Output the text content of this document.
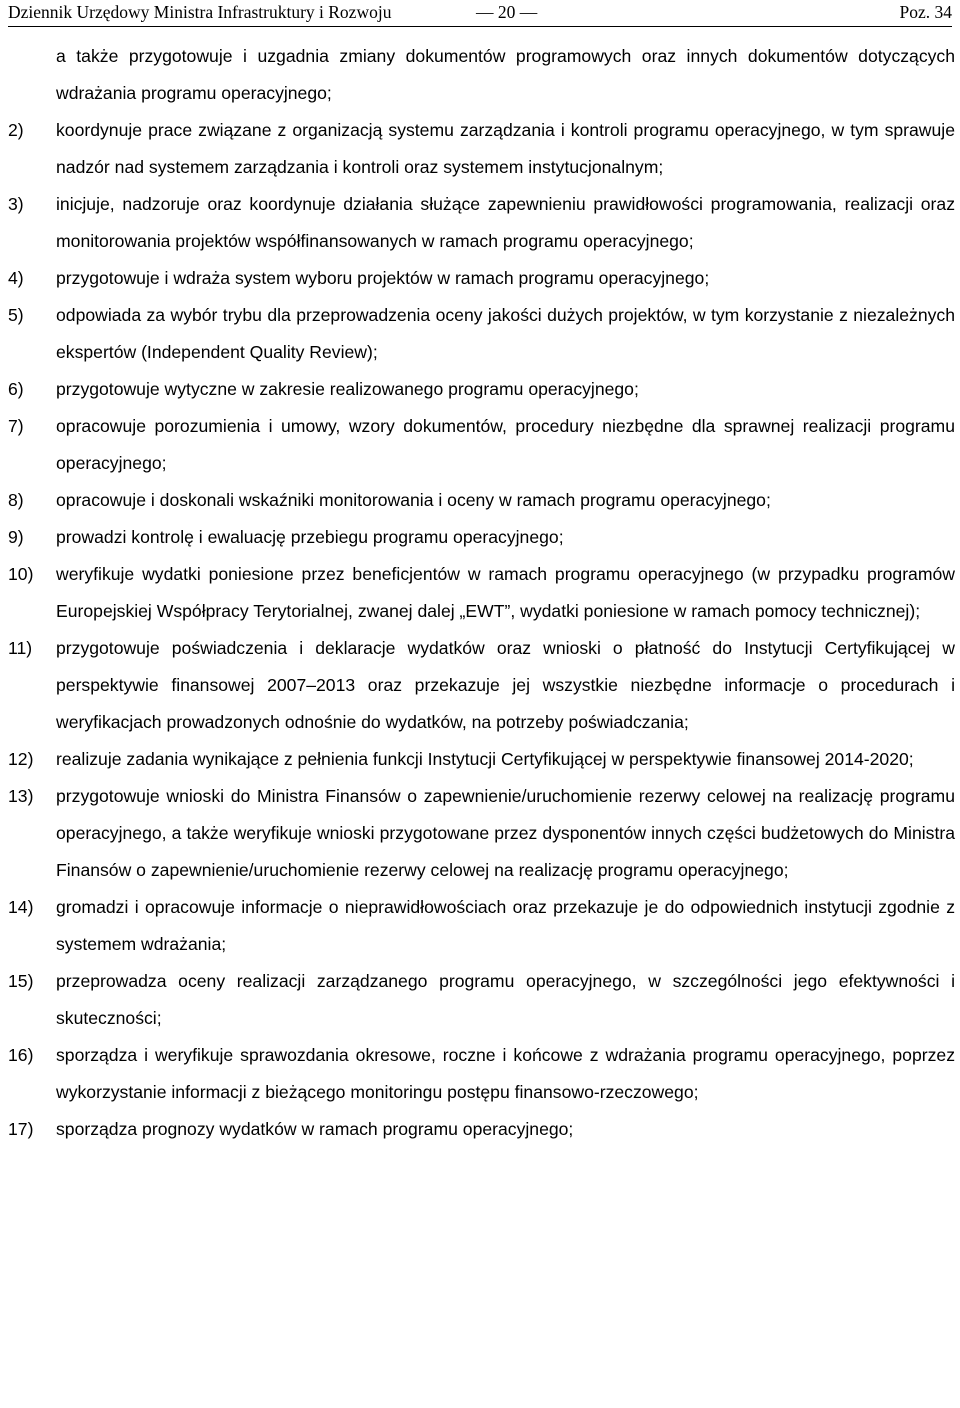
Dziennik Urzędowy Ministra Infrastruktury i Rozwoju	— 20 —	Poz. 34
a także przygotowuje i uzgadnia zmiany dokumentów programowych oraz innych dokumentów dotyczących wdrażania programu operacyjnego;
2) koordynuje prace związane z organizacją systemu zarządzania i kontroli programu operacyjnego, w tym sprawuje nadzór nad systemem zarządzania i kontroli oraz systemem instytucjonalnym;
3) inicjuje, nadzoruje oraz koordynuje działania służące zapewnieniu prawidłowości programowania, realizacji oraz monitorowania projektów współfinansowanych w ramach programu operacyjnego;
4) przygotowuje i wdraża system wyboru projektów w ramach programu operacyjnego;
5) odpowiada za wybór trybu dla przeprowadzenia oceny jakości dużych projektów, w tym korzystanie z niezależnych ekspertów (Independent Quality Review);
6) przygotowuje wytyczne w zakresie realizowanego programu operacyjnego;
7) opracowuje porozumienia i umowy, wzory dokumentów, procedury niezbędne dla sprawnej realizacji programu operacyjnego;
8) opracowuje i doskonali wskaźniki monitorowania i oceny w ramach programu operacyjnego;
9) prowadzi kontrolę i ewaluację przebiegu programu operacyjnego;
10) weryfikuje wydatki poniesione przez beneficjentów w ramach programu operacyjnego (w przypadku programów Europejskiej Współpracy Terytorialnej, zwanej dalej „EWT”, wydatki poniesione w ramach pomocy technicznej);
11) przygotowuje poświadczenia i deklaracje wydatków oraz wnioski o płatność do Instytucji Certyfikującej w perspektywie finansowej 2007–2013 oraz przekazuje jej wszystkie niezbędne informacje o procedurach i weryfikacjach prowadzonych odnośnie do wydatków, na potrzeby poświadczania;
12) realizuje zadania wynikające z pełnienia funkcji Instytucji Certyfikującej w perspektywie finansowej 2014-2020;
13) przygotowuje wnioski do Ministra Finansów o zapewnienie/uruchomienie rezerwy celowej na realizację programu operacyjnego, a także weryfikuje wnioski przygotowane przez dysponentów innych części budżetowych do Ministra Finansów o zapewnienie/uruchomienie rezerwy celowej na realizację programu operacyjnego;
14) gromadzi i opracowuje informacje o nieprawidłowościach oraz przekazuje je do odpowiednich instytucji zgodnie z systemem wdrażania;
15) przeprowadza oceny realizacji zarządzanego programu operacyjnego, w szczególności jego efektywności i skuteczności;
16) sporządza i weryfikuje sprawozdania okresowe, roczne i końcowe z wdrażania programu operacyjnego, poprzez wykorzystanie informacji z bieżącego monitoringu postępu finansowo-rzeczowego;
17) sporządza prognozy wydatków w ramach programu operacyjnego;
